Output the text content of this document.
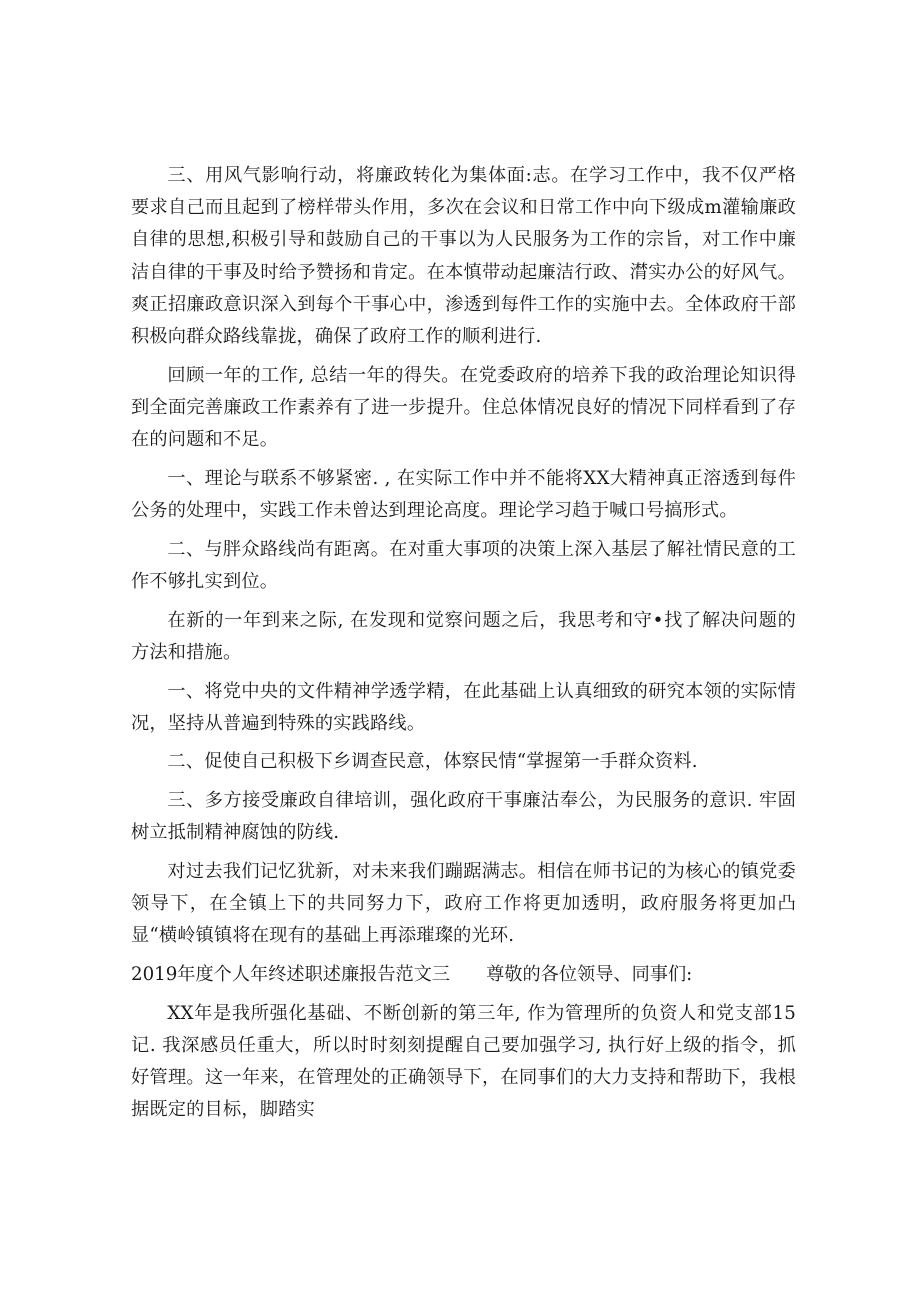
三、用风气影响行动，将廉政转化为集体面:志。在学习工作中，我不仅严格要求自己而且起到了榜样带头作用，多次在会议和日常工作中向下级成m灌输廉政自律的思想,积极引导和鼓励自己的干事以为人民服务为工作的宗旨，对工作中廉洁自律的干事及时给予赞扬和肯定。在本慎带动起廉洁行政、潸实办公的好风气。爽正招廉政意识深入到每个干事心中，渗透到每件工作的实施中去。全体政府干部积极向群众路线靠拢，确保了政府工作的顺利进行.

回顾一年的工作, 总结一年的得失。在党委政府的培养下我的政治理论知识得到全面完善廉政工作素养有了进一步提升。住总体情况良好的情况下同样看到了存在的问题和不足。

一、理论与联系不够紧密. , 在实际工作中并不能将XX大精神真正溶透到每件公务的处理中，实践工作未曾达到理论高度。理论学习趋于喊口号搞形式。

二、与胖众路线尚有距离。在对重大事项的决策上深入基层了解社情民意的工作不够扎实到位。

在新的一年到来之际, 在发现和觉察问题之后，我思考和守•找了解决问题的方法和措施。

一、将党中央的文件精神学透学精，在此基础上认真细致的研究本领的实际情况，坚持从普遍到特殊的实践路线。

二、促使自己积极下乡调查民意，体察民情“掌握第一手群众资料.

三、多方接受廉政自律培训，强化政府干事廉沽奉公，为民服务的意识. 牢固树立抵制精神腐蚀的防线.

对过去我们记忆犹新，对未来我们蹦踞满志。相信在师书记的为核心的镇党委领导下，在全镇上下的共同努力下，政府工作将更加透明，政府服务将更加凸显“横岭镇镇将在现有的基础上再添璀璨的光环.

2019年度个人年终述职述廉报告范文三 尊敬的各位领导、同事们:

XX年是我所强化基础、不断创新的第三年, 作为管理所的负资人和党支部15记. 我深感员任重大，所以时时刻刻提醒自己要加强学习, 执行好上级的指令，抓好管理。这一年来，在管理处的正确领导下，在同事们的大力支持和帮助下，我根据既定的目标，脚踏实
